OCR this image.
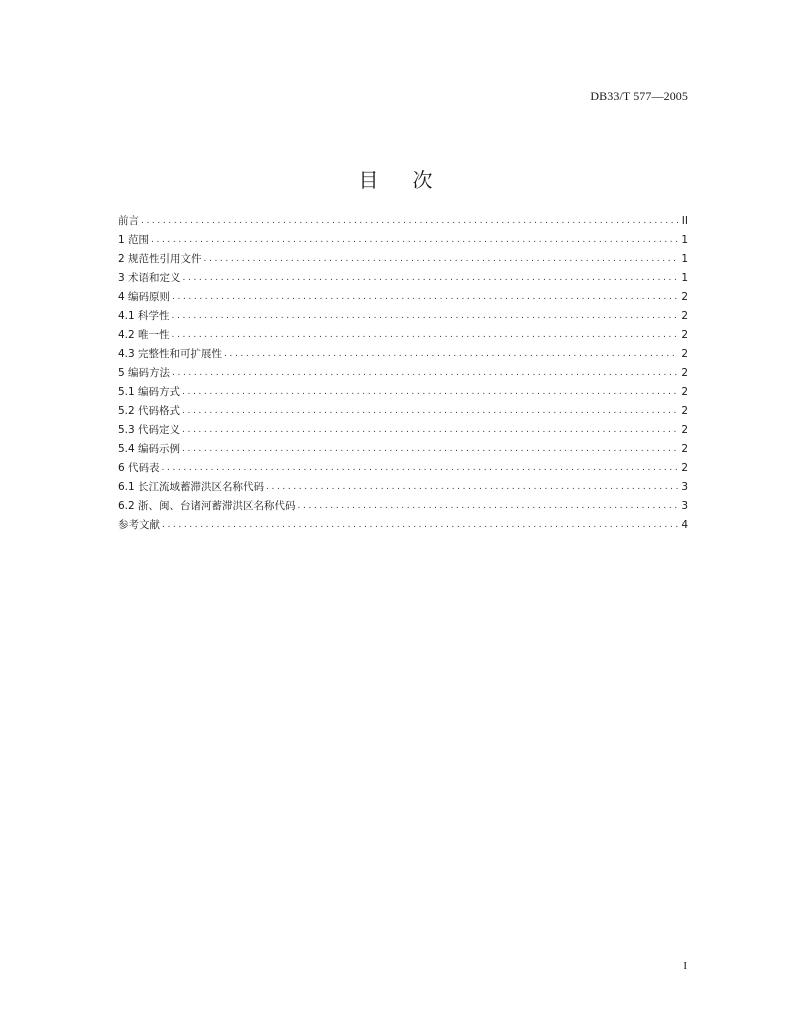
DB33/T 577—2005
目 次
前言 .....	II
1 范围 .....	1
2 规范性引用文件 .....	1
3 术语和定义 .....	1
4 编码原则 .....	2
4.1 科学性 .....	2
4.2 唯一性 .....	2
4.3 完整性和可扩展性 .....	2
5 编码方法 .....	2
5.1 编码方式 .....	2
5.2 代码格式 .....	2
5.3 代码定义 .....	2
5.4 编码示例 .....	2
6 代码表 .....	2
6.1 长江流域蓄滞洪区名称代码 .....	3
6.2 浙、闽、台诸河蓄滞洪区名称代码 .....	3
参考文献 .....	4
I
